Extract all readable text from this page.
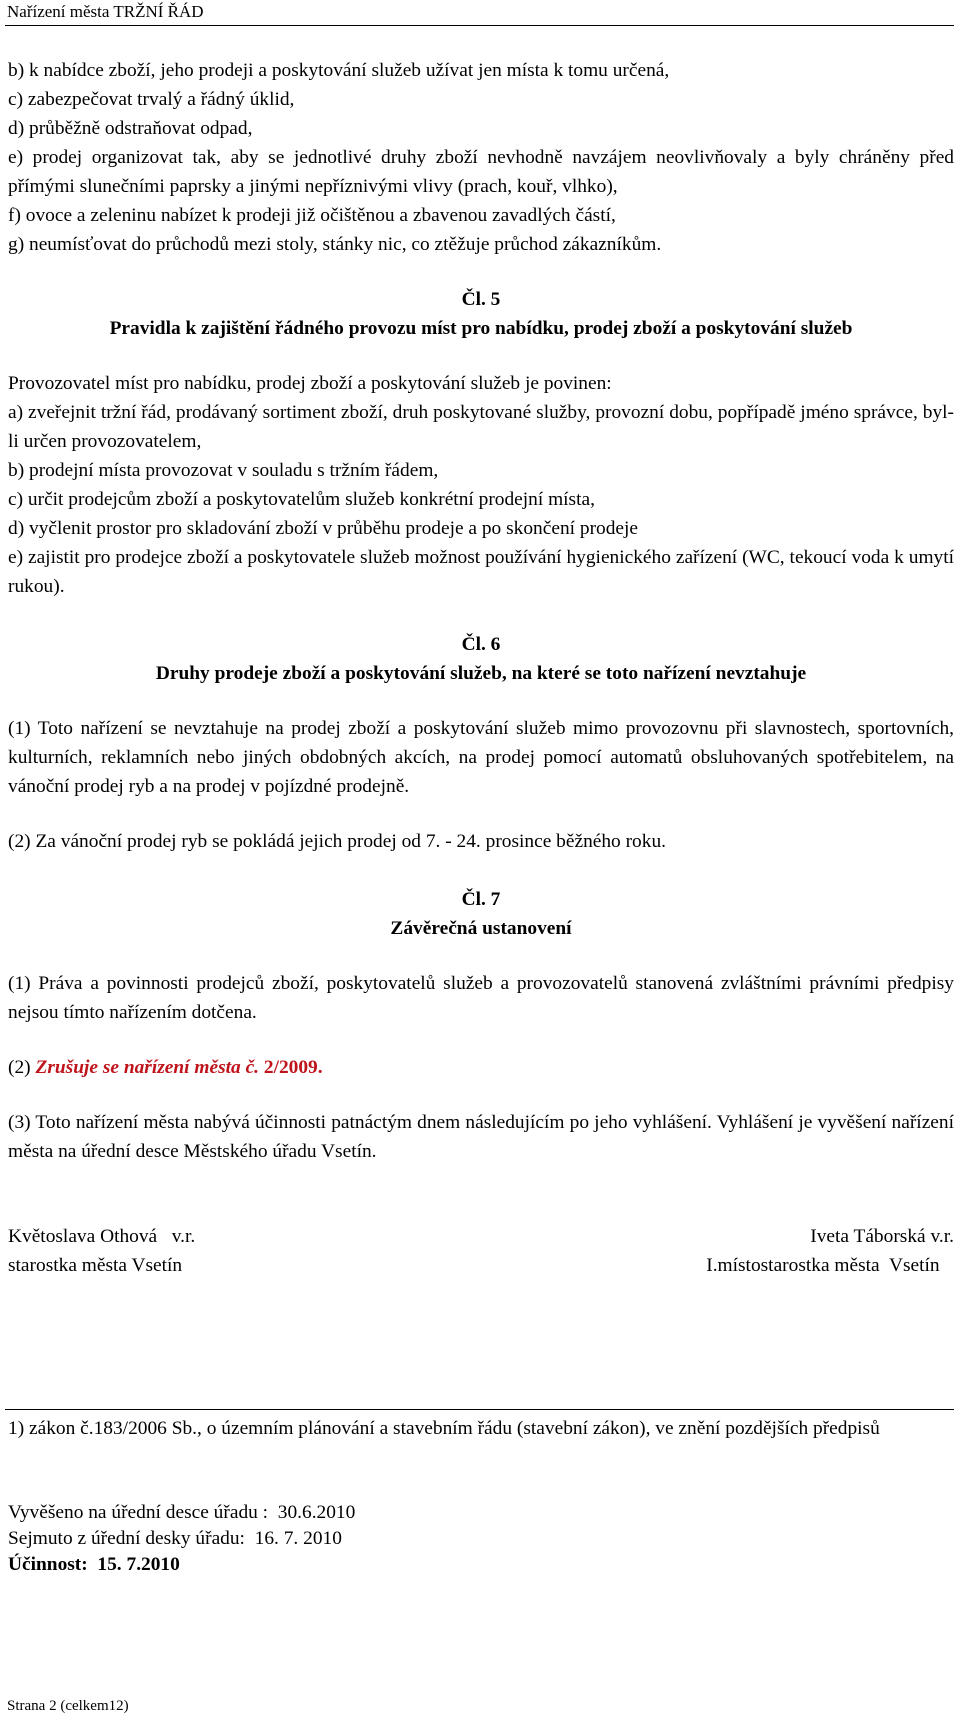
Nařízení města TRŽNÍ ŘÁD

b) k nabídce zboží, jeho prodeji a poskytování služeb užívat jen místa k tomu určená,

c) zabezpečovat trvalý a řádný úklid,

d) průběžně odstraňovat odpad,

e) prodej organizovat tak, aby se jednotlivé druhy zboží nevhodně navzájem neovlivňovaly a byly chráněny před přímými slunečními paprsky a jinými nepříznivými vlivy (prach, kouř, vlhko),

f) ovoce a zeleninu nabízet k prodeji již očištěnou a zbavenou zavadlých částí,

g) neumísťovat do průchodů mezi stoly, stánky nic, co ztěžuje průchod zákazníkům.

Čl. 5

Pravidla k zajištění řádného provozu míst pro nabídku, prodej zboží a poskytování služeb

Provozovatel míst pro nabídku, prodej zboží a poskytování služeb je povinen:

a) zveřejnit tržní řád, prodávaný sortiment zboží, druh poskytované služby, provozní dobu, popřípadě jméno správce, byl-li určen provozovatelem,

b) prodejní místa provozovat v souladu s tržním řádem,

c) určit prodejcům zboží a poskytovatelům služeb konkrétní prodejní místa,

d) vyčlenit prostor pro skladování zboží v průběhu prodeje a po skončení prodeje

e) zajistit pro prodejce zboží a poskytovatele služeb možnost používání hygienického zařízení (WC, tekoucí voda k umytí rukou).

Čl. 6

Druhy prodeje zboží a poskytování služeb, na které se toto nařízení nevztahuje

(1) Toto nařízení se nevztahuje na prodej zboží a poskytování služeb mimo provozovnu při slavnostech, sportovních, kulturních, reklamních nebo jiných obdobných akcích, na prodej pomocí automatů obsluhovaných spotřebitelem, na vánoční prodej ryb a na prodej v pojízdné prodejně.

(2) Za vánoční prodej ryb se pokládá jejich prodej od 7. - 24. prosince běžného roku.

Čl. 7

Závěrečná ustanovení

(1) Práva a povinnosti prodejců zboží, poskytovatelů služeb a provozovatelů stanovená zvláštními právními předpisy nejsou tímto nařízením dotčena.

(2) Zrušuje se nařízení města č. 2/2009.

(3) Toto nařízení města nabývá účinnosti patnáctým dnem následujícím po jeho vyhlášení. Vyhlášení je vyvěšení nařízení města na úřední desce Městského úřadu Vsetín.

Květoslava Othová   v.r.

starostka města Vsetín

Iveta Táborská v.r.

I.místostarostka města  Vsetín

1) zákon č.183/2006 Sb., o územním plánování a stavebním řádu (stavební zákon), ve znění pozdějších předpisů

Vyvěšeno na úřední desce úřadu :  30.6.2010

Sejmuto z úřední desky úřadu:  16. 7. 2010

Účinnost:  15. 7.2010

Strana 2 (celkem12)
